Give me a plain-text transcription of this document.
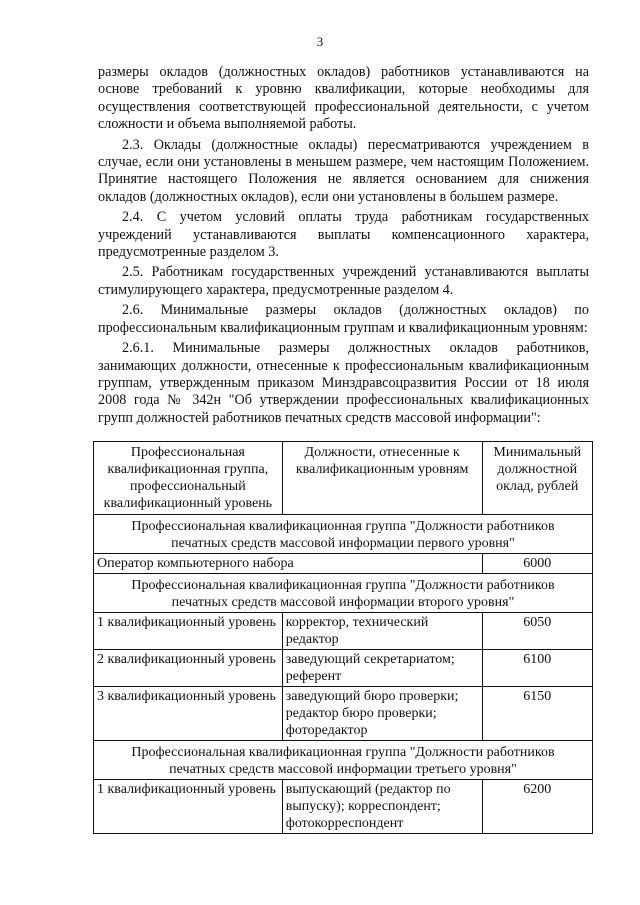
3

размеры окладов (должностных окладов) работников устанавливаются на основе требований к уровню квалификации, которые необходимы для осуществления соответствующей профессиональной деятельности, с учетом сложности и объема выполняемой работы.

2.3. Оклады (должностные оклады) пересматриваются учреждением в случае, если они установлены в меньшем размере, чем настоящим Положением. Принятие настоящего Положения не является основанием для снижения окладов (должностных окладов), если они установлены в большем размере.

2.4. С учетом условий оплаты труда работникам государственных учреждений устанавливаются выплаты компенсационного характера, предусмотренные разделом 3.

2.5. Работникам государственных учреждений устанавливаются выплаты стимулирующего характера, предусмотренные разделом 4.

2.6. Минимальные размеры окладов (должностных окладов) по профессиональным квалификационным группам и квалификационным уровням:

2.6.1. Минимальные размеры должностных окладов работников, занимающих должности, отнесенные к профессиональным квалификационным группам, утвержденным приказом Минздравсоцразвития России от 18 июля 2008 года № 342н "Об утверждении профессиональных квалификационных групп должностей работников печатных средств массовой информации":

Профессиональная квалификационная группа, профессиональный квалификационный уровень	Должности, отнесенные к квалификационным уровням	Минимальный должностной оклад, рублей
Профессиональная квалификационная группа "Должности работников печатных средств массовой информации первого уровня"		
Оператор компьютерного набора		6000
Профессиональная квалификационная группа "Должности работников печатных средств массовой информации второго уровня"		
1 квалификационный уровень	корректор, технический редактор	6050
2 квалификационный уровень	заведующий секретариатом; референт	6100
3 квалификационный уровень	заведующий бюро проверки; редактор бюро проверки; фоторедактор	6150
Профессиональная квалификационная группа "Должности работников печатных средств массовой информации третьего уровня"		
1 квалификационный уровень	выпускающий (редактор по выпуску); корреспондент; фотокорреспондент	6200
